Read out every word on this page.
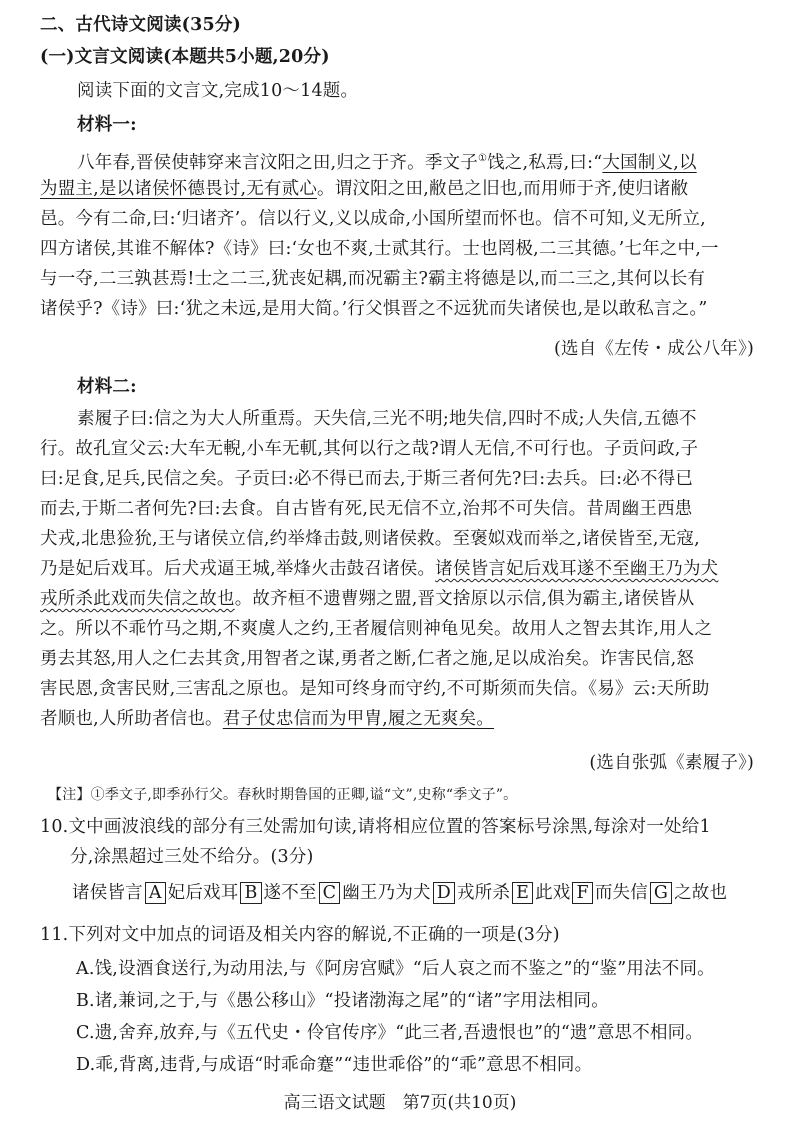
二、古代诗文阅读(35分)
(一)文言文阅读(本题共5小题,20分)
阅读下面的文言文,完成10～14题。
材料一:
八年春,晋侯使韩穿来言汶阳之田,归之于齐。季文子①饯之,私焉,曰:“大国制义,以
为盟主,是以诸侯怀德畏讨,无有贰心。谓汶阳之田,敝邑之旧也,而用师于齐,使归诸敝
邑。今有二命,曰:‘归诸齐’。信以行义,义以成命,小国所望而怀也。信不可知,义无所立,
四方诸侯,其谁不解体?《诗》曰:‘女也不爽,士贰其行。士也罔极,二三其德。’七年之中,一
与一夺,二三孰甚焉!士之二三,犹丧妃耦,而况霸主?霸主将德是以,而二三之,其何以长有
诸侯乎?《诗》曰:‘犹之未远,是用大简。’行父惧晋之不远犹而失诸侯也,是以敢私言之。”
(选自《左传・成公八年》)
材料二:
素履子曰:信之为大人所重焉。天失信,三光不明;地失信,四时不成;人失信,五德不
行。故孔宣父云:大车无輗,小车无軏,其何以行之哉?谓人无信,不可行也。子贡问政,子
曰:足食,足兵,民信之矣。子贡曰:必不得已而去,于斯三者何先?曰:去兵。曰:必不得已
而去,于斯二者何先?曰:去食。自古皆有死,民无信不立,治邦不可失信。昔周幽王西患
犬戎,北患猃狁,王与诸侯立信,约举烽击鼓,则诸侯救。至褒姒戏而举之,诸侯皆至,无寇,
乃是妃后戏耳。后犬戎逼王城,举烽火击鼓召诸侯。诸侯皆言妃后戏耳遂不至幽王乃为犬
戎所杀此戏而失信之故也。故齐桓不遗曹翙之盟,晋文捨原以示信,俱为霸主,诸侯皆从
之。所以不乖竹马之期,不爽虞人之约,王者履信则神龟见矣。故用人之智去其诈,用人之
勇去其怒,用人之仁去其贪,用智者之谋,勇者之断,仁者之施,足以成治矣。诈害民信,怒
害民恩,贪害民财,三害乱之原也。是知可终身而守约,不可斯须而失信。《易》云:天所助
者顺也,人所助者信也。君子仗忠信而为甲胄,履之无爽矣。
(选自张弧《素履子》)
【注】①季文子,即季孙行父。春秋时期鲁国的正卿,谥“文”,史称“季文子”。
10.文中画波浪线的部分有三处需加句读,请将相应位置的答案标号涂黑,每涂对一处给1
分,涂黑超过三处不给分。(3分)
诸侯皆言 A 妃后戏耳 B 遂不至 C 幽王乃为犬 D 戎所杀 E 此戏 F 而失信 G 之故也
11.下列对文中加点的词语及相关内容的解说,不正确的一项是(3分)
A.饯,设酒食送行,为动用法,与《阿房宫赋》“后人哀之而不鉴之”的“鉴”用法不同。
B.诸,兼词,之于,与《愚公移山》“投诸渤海之尾”的“诸”字用法相同。
C.遗,舍弃,放弃,与《五代史・伶官传序》“此三者,吾遗恨也”的“遗”意思不相同。
D.乖,背离,违背,与成语“时乖命蹇”“违世乖俗”的“乖”意思不相同。
高三语文试题　第7页(共10页)
